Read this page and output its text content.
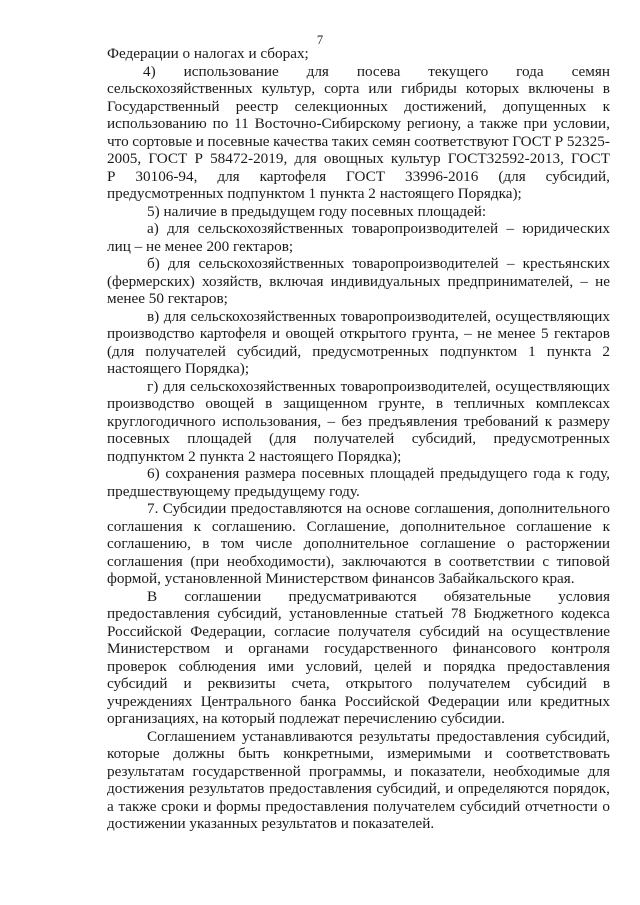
7
Федерации о налогах и сборах;
4) использование для посева текущего года семян
сельскохозяйственных культур, сорта или гибриды которых включены в
Государственный реестр селекционных достижений, допущенных к
использованию по 11 Восточно-Сибирскому региону, а также при условии,
что сортовые и посевные качества таких семян соответствуют ГОСТ Р 52325-
2005, ГОСТ Р 58472-2019, для овощных культур ГОСТ32592-2013, ГОСТ
Р 30106-94, для картофеля ГОСТ 33996-2016 (для субсидий,
предусмотренных подпунктом 1 пункта 2 настоящего Порядка);
5) наличие в предыдущем году посевных площадей:
а) для сельскохозяйственных товаропроизводителей – юридических
лиц – не менее 200 гектаров;
б) для сельскохозяйственных товаропроизводителей – крестьянских
(фермерских) хозяйств, включая индивидуальных предпринимателей, – не
менее 50 гектаров;
в) для сельскохозяйственных товаропроизводителей, осуществляющих
производство картофеля и овощей открытого грунта, – не менее 5 гектаров
(для получателей субсидий, предусмотренных подпунктом 1 пункта 2
настоящего Порядка);
г) для сельскохозяйственных товаропроизводителей, осуществляющих
производство овощей в защищенном грунте, в тепличных комплексах
круглогодичного использования, – без предъявления требований к размеру
посевных площадей (для получателей субсидий, предусмотренных
подпунктом 2 пункта 2 настоящего Порядка);
6) сохранения размера посевных площадей предыдущего года к году,
предшествующему предыдущему году.
7. Субсидии предоставляются на основе соглашения, дополнительного
соглашения к соглашению. Соглашение, дополнительное соглашение к
соглашению, в том числе дополнительное соглашение о расторжении
соглашения (при необходимости), заключаются в соответствии с типовой
формой, установленной Министерством финансов Забайкальского края.
В соглашении предусматриваются обязательные условия
предоставления субсидий, установленные статьей 78 Бюджетного кодекса
Российской Федерации, согласие получателя субсидий на осуществление
Министерством и органами государственного финансового контроля
проверок соблюдения ими условий, целей и порядка предоставления
субсидий и реквизиты счета, открытого получателем субсидий в
учреждениях Центрального банка Российской Федерации или кредитных
организациях, на который подлежат перечислению субсидии.
Соглашением устанавливаются результаты предоставления субсидий,
которые должны быть конкретными, измеримыми и соответствовать
результатам государственной программы, и показатели, необходимые для
достижения результатов предоставления субсидий, и определяются порядок,
а также сроки и формы предоставления получателем субсидий отчетности о
достижении указанных результатов и показателей.
